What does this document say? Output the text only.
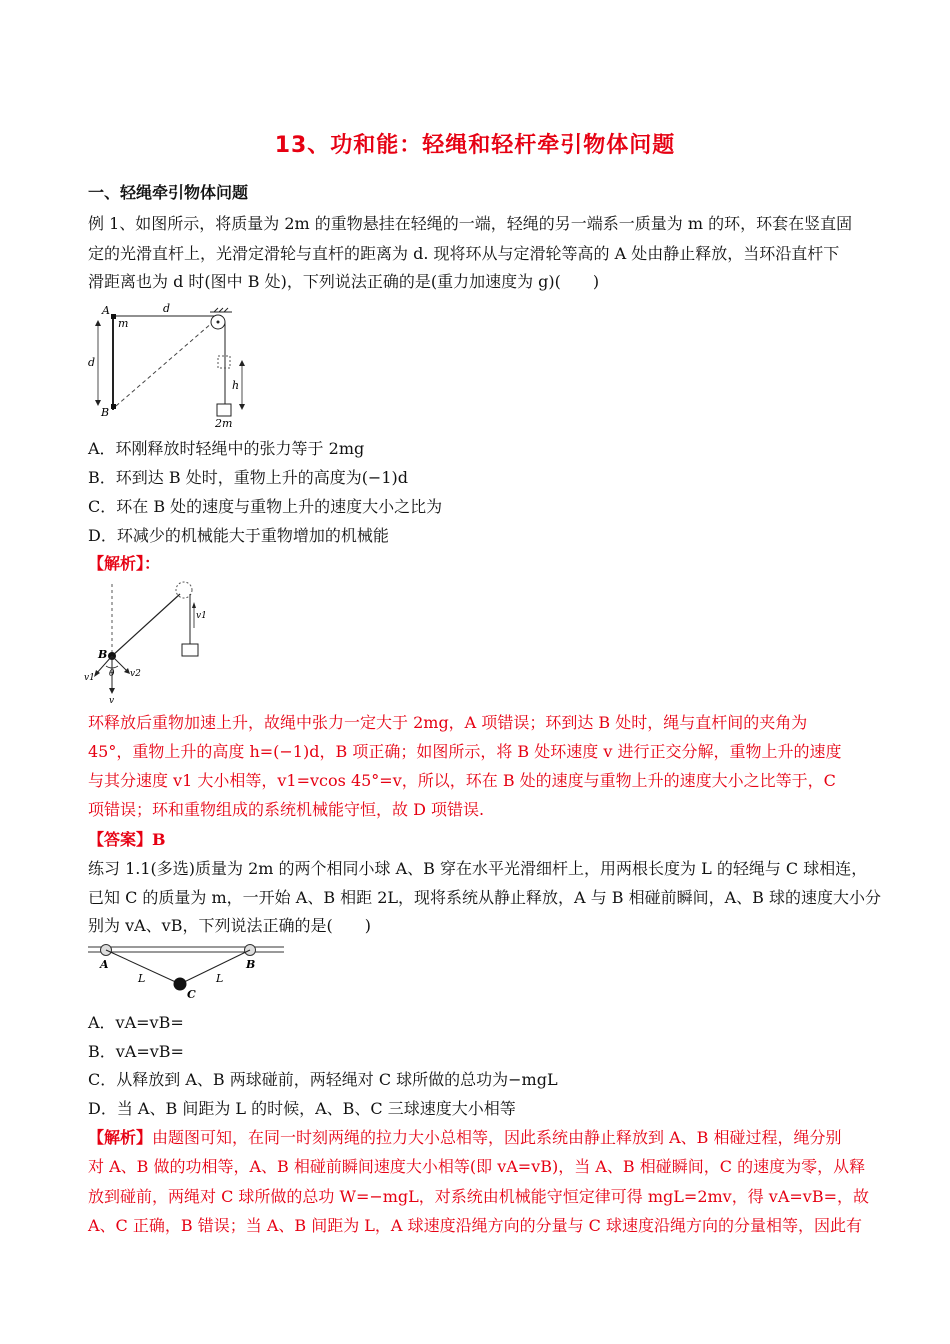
13、功和能：轻绳和轻杆牵引物体问题
一、轻绳牵引物体问题
例 1、如图所示，将质量为 2m 的重物悬挂在轻绳的一端，轻绳的另一端系一质量为 m 的环，环套在竖直固
定的光滑直杆上，光滑定滑轮与直杆的距离为 d. 现将环从与定滑轮等高的 A 处由静止释放，当环沿直杆下
滑距离也为 d 时(图中 B 处)，下列说法正确的是(重力加速度为 g)(　　)
A
m
d
d
B
h
2m
A．环刚释放时轻绳中的张力等于 2mg
B．环到达 B 处时，重物上升的高度为(−1)d
C．环在 B 处的速度与重物上升的速度大小之比为
D．环减少的机械能大于重物增加的机械能
【解析】：
v1
B
θ
v1	v2
v
环释放后重物加速上升，故绳中张力一定大于 2mg，A 项错误；环到达 B 处时，绳与直杆间的夹角为
45°，重物上升的高度 h=(−1)d，B 项正确；如图所示，将 B 处环速度 v 进行正交分解，重物上升的速度
与其分速度 v1 大小相等，v1=vcos 45°=v，所以，环在 B 处的速度与重物上升的速度大小之比等于，C
项错误；环和重物组成的系统机械能守恒，故 D 项错误.
【答案】B
练习 1.1(多选)质量为 2m 的两个相同小球 A、B 穿在水平光滑细杆上，用两根长度为 L 的轻绳与 C 球相连，
已知 C 的质量为 m，一开始 A、B 相距 2L，现将系统从静止释放，A 与 B 相碰前瞬间，A、B 球的速度大小分
别为 vA、vB，下列说法正确的是(　　)
A	B
L	L
C
A．vA=vB=
B．vA=vB=
C．从释放到 A、B 两球碰前，两轻绳对 C 球所做的总功为−mgL
D．当 A、B 间距为 L 的时候，A、B、C 三球速度大小相等
【解析】由题图可知，在同一时刻两绳的拉力大小总相等，因此系统由静止释放到 A、B 相碰过程，绳分别
对 A、B 做的功相等，A、B 相碰前瞬间速度大小相等(即 vA=vB)，当 A、B 相碰瞬间，C 的速度为零，从释
放到碰前，两绳对 C 球所做的总功 W=−mgL，对系统由机械能守恒定律可得 mgL=2mv，得 vA=vB=，故
A、C 正确，B 错误；当 A、B 间距为 L，A 球速度沿绳方向的分量与 C 球速度沿绳方向的分量相等，因此有
